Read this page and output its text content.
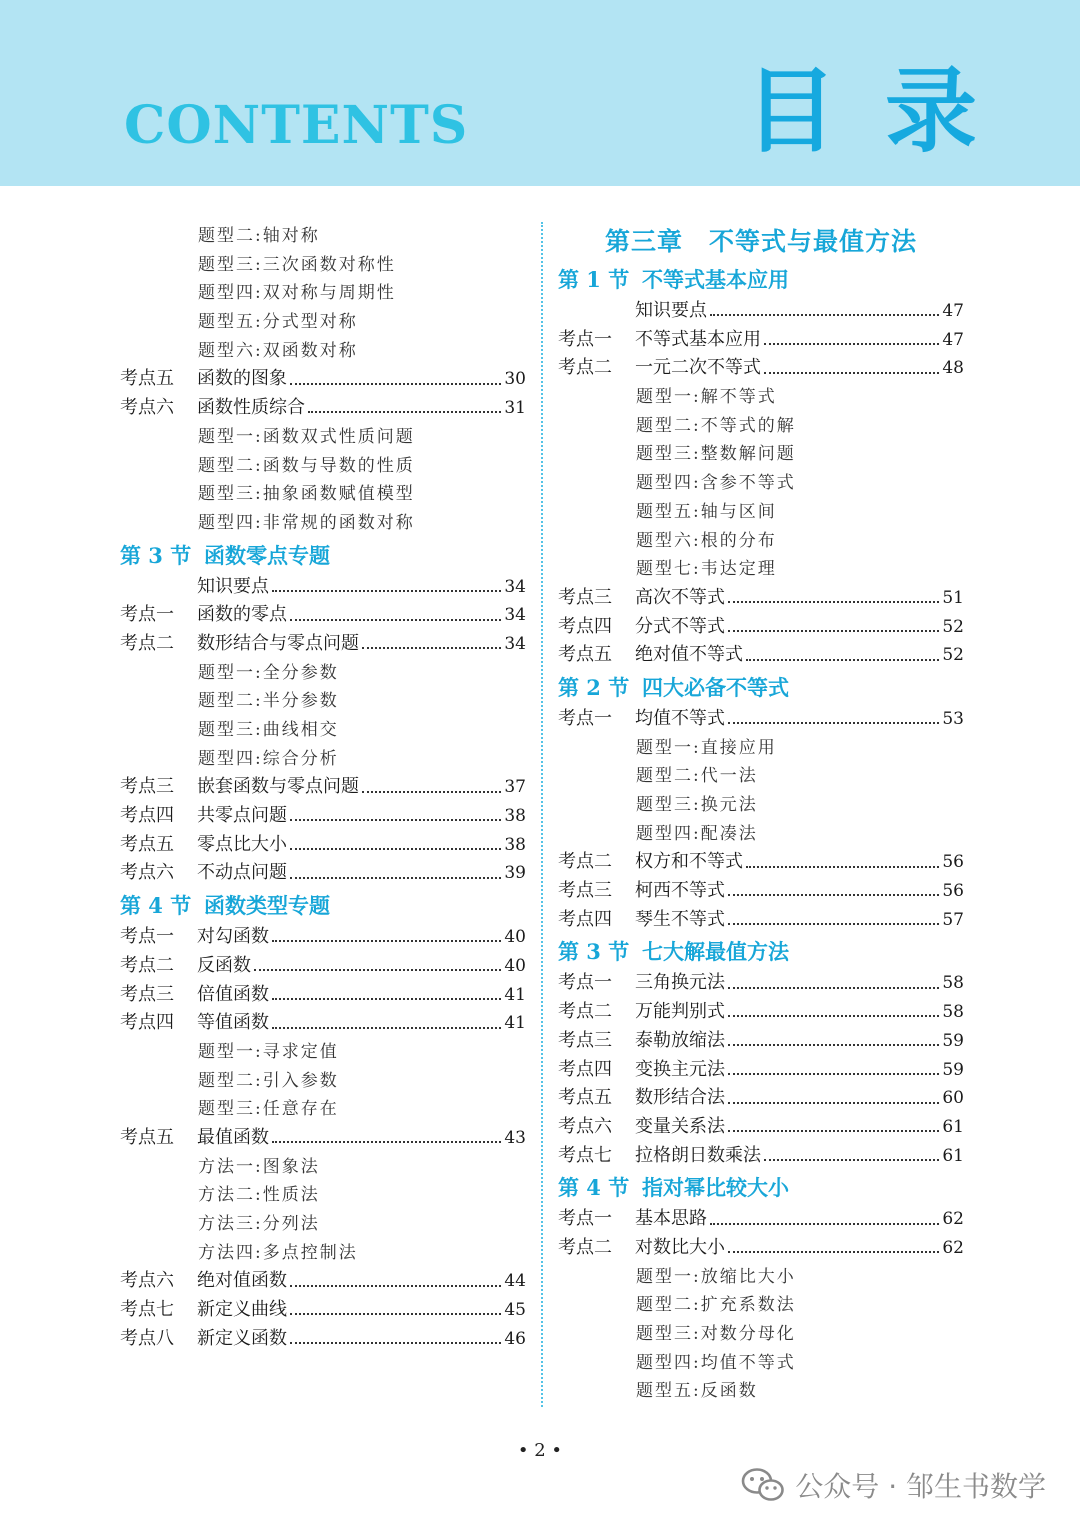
CONTENTS	目 录
题型二:轴对称
题型三:三次函数对称性
题型四:双对称与周期性
题型五:分式型对称
题型六:双函数对称
考点五	函数的图象	30
考点六	函数性质综合	31
题型一:函数双式性质问题
题型二:函数与导数的性质
题型三:抽象函数赋值模型
题型四:非常规的函数对称
第 3 节 函数零点专题
知识要点	34
考点一	函数的零点	34
考点二	数形结合与零点问题	34
题型一:全分参数
题型二:半分参数
题型三:曲线相交
题型四:综合分析
考点三	嵌套函数与零点问题	37
考点四	共零点问题	38
考点五	零点比大小	38
考点六	不动点问题	39
第 4 节 函数类型专题
考点一	对勾函数	40
考点二	反函数	40
考点三	倍值函数	41
考点四	等值函数	41
题型一:寻求定值
题型二:引入参数
题型三:任意存在
考点五	最值函数	43
方法一:图象法
方法二:性质法
方法三:分列法
方法四:多点控制法
考点六	绝对值函数	44
考点七	新定义曲线	45
考点八	新定义函数	46
第三章　不等式与最值方法
第 1 节 不等式基本应用
知识要点	47
考点一	不等式基本应用	47
考点二	一元二次不等式	48
题型一:解不等式
题型二:不等式的解
题型三:整数解问题
题型四:含参不等式
题型五:轴与区间
题型六:根的分布
题型七:韦达定理
考点三	高次不等式	51
考点四	分式不等式	52
考点五	绝对值不等式	52
第 2 节 四大必备不等式
考点一	均值不等式	53
题型一:直接应用
题型二:代一法
题型三:换元法
题型四:配凑法
考点二	权方和不等式	56
考点三	柯西不等式	56
考点四	琴生不等式	57
第 3 节 七大解最值方法
考点一	三角换元法	58
考点二	万能判别式	58
考点三	泰勒放缩法	59
考点四	变换主元法	59
考点五	数形结合法	60
考点六	变量关系法	61
考点七	拉格朗日数乘法	61
第 4 节 指对幂比较大小
考点一	基本思路	62
考点二	对数比大小	62
题型一:放缩比大小
题型二:扩充系数法
题型三:对数分母化
题型四:均值不等式
题型五:反函数
• 2 •
公众号 · 邹生书数学
